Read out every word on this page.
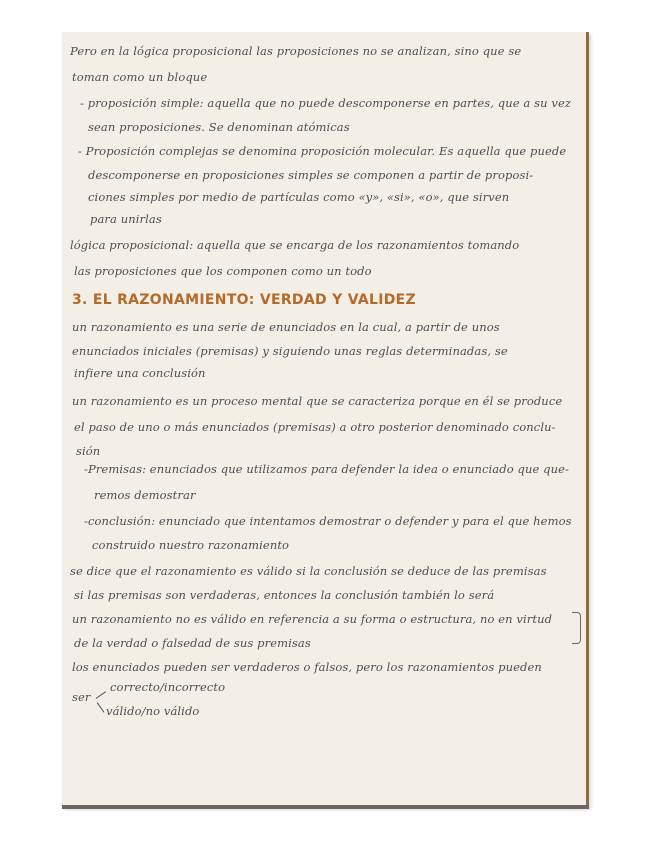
Pero en la lógica proposicional las proposiciones no se analizan, sino que se
toman como un bloque
- proposición simple: aquella que no puede descomponerse en partes, que a su vez
sean proposiciones. Se denominan atómicas
- Proposición complejas se denomina proposición molecular. Es aquella que puede
descomponerse en proposiciones simples se componen a partir de proposi-
ciones simples por medio de partículas como «y», «si», «o», que sirven
para unirlas
lógica proposicional: aquella que se encarga de los razonamientos tomando
las proposiciones que los componen como un todo
3. EL RAZONAMIENTO: VERDAD Y VALIDEZ
un razonamiento es una serie de enunciados en la cual, a partir de unos
enunciados iniciales (premisas) y siguiendo unas reglas determinadas, se
infiere una conclusión
un razonamiento es un proceso mental que se caracteriza porque en él se produce
el paso de uno o más enunciados (premisas) a otro posterior denominado conclu-
sión
-Premisas: enunciados que utilizamos para defender la idea o enunciado que que-
remos demostrar
-conclusión: enunciado que intentamos demostrar o defender y para el que hemos
construido nuestro razonamiento
se dice que el razonamiento es válido si la conclusión se deduce de las premisas
si las premisas son verdaderas, entonces la conclusión también lo será
un razonamiento no es válido en referencia a su forma o estructura, no en virtud
de la verdad o falsedad de sus premisas
los enunciados pueden ser verdaderos o falsos, pero los razonamientos pueden
ser
correcto/incorrecto
válido/no válido
